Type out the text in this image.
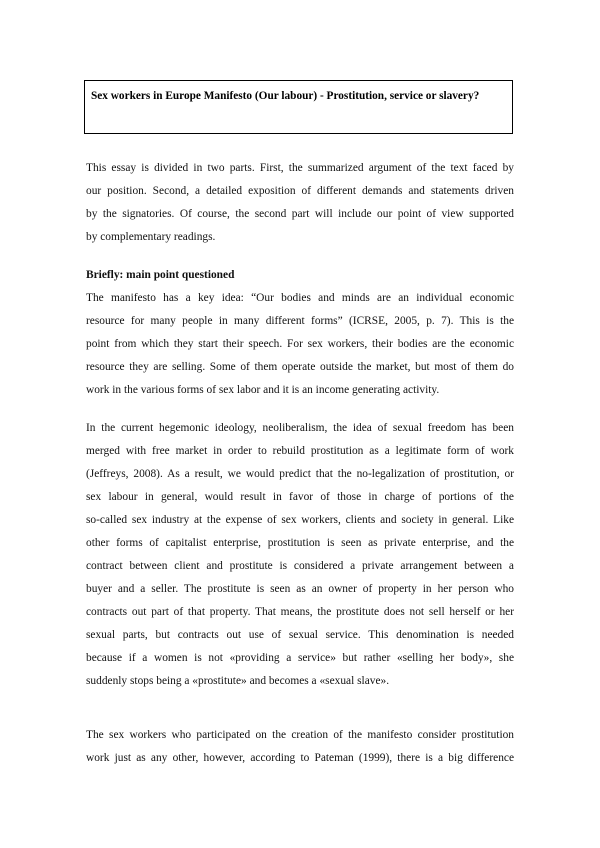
Sex workers in Europe Manifesto (Our labour) - Prostitution, service or slavery?
This essay is divided in two parts. First, the summarized argument of the text faced by
our position. Second, a detailed exposition of different demands and statements driven
by the signatories. Of course, the second part will include our point of view supported
by complementary readings.
Briefly: main point questioned
The manifesto has a key idea: “Our bodies and minds are an individual economic
resource for many people in many different forms” (ICRSE, 2005, p. 7). This is the
point from which they start their speech. For sex workers, their bodies are the economic
resource they are selling. Some of them operate outside the market, but most of them do
work in the various forms of sex labor and it is an income generating activity.
In the current hegemonic ideology, neoliberalism, the idea of sexual freedom has been
merged with free market in order to rebuild prostitution as a legitimate form of work
(Jeffreys, 2008). As a result, we would predict that the no-legalization of prostitution, or
sex labour in general, would result in favor of those in charge of portions of the
so-called sex industry at the expense of sex workers, clients and society in general. Like
other forms of capitalist enterprise, prostitution is seen as private enterprise, and the
contract between client and prostitute is considered a private arrangement between a
buyer and a seller. The prostitute is seen as an owner of property in her person who
contracts out part of that property. That means, the prostitute does not sell herself or her
sexual parts, but contracts out use of sexual service. This denomination is needed
because if a women is not «providing a service» but rather «selling her body», she
suddenly stops being a «prostitute» and becomes a «sexual slave».
The sex workers who participated on the creation of the manifesto consider prostitution
work just as any other, however, according to Pateman (1999), there is a big difference
